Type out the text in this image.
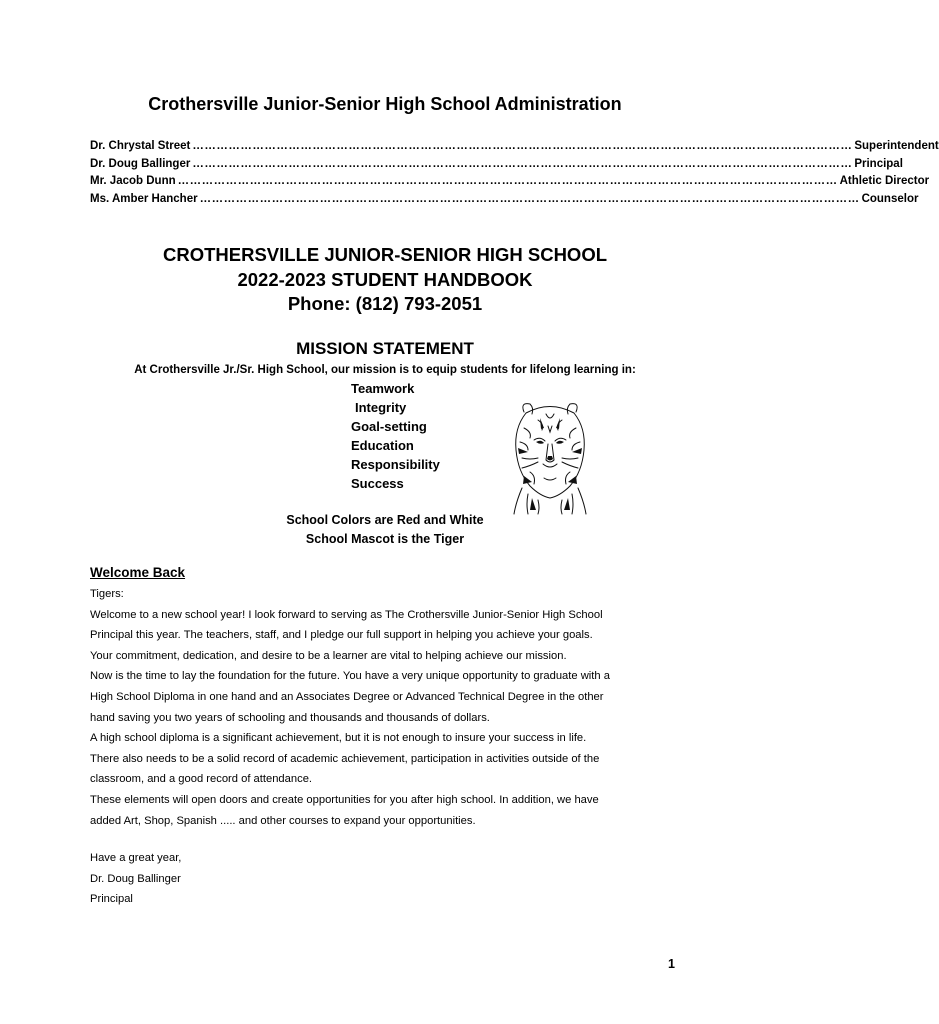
Crothersville Junior-Senior High School Administration
Dr. Chrystal Street ………………………………………………………………………………………………………………………………………………… Superintendent
Dr. Doug Ballinger ………………………………………………………………………………………………………………………………………………… Principal
Mr. Jacob Dunn ………………………………………………………………………………………………………………………………………………… Athletic Director
Ms. Amber Hancher ………………………………………………………………………………………………………………………………………………… Counselor
CROTHERSVILLE JUNIOR-SENIOR HIGH SCHOOL
2022-2023 STUDENT HANDBOOK
Phone: (812) 793-2051
MISSION STATEMENT
At Crothersville Jr./Sr. High School, our mission is to equip students for lifelong learning in:
Teamwork
Integrity
Goal-setting
Education
Responsibility
Success
School Colors are Red and White
School Mascot is the Tiger
Welcome Back

Tigers:

Welcome to a new school year! I look forward to serving as The Crothersville Junior-Senior High School

Principal this year. The teachers, staff, and I pledge our full support in helping you achieve your goals.

Your commitment, dedication, and desire to be a learner are vital to helping achieve our mission.

Now is the time to lay the foundation for the future. You have a very unique opportunity to graduate with a

High School Diploma in one hand and an Associates Degree or Advanced Technical Degree in the other

hand saving you two years of schooling and thousands and thousands of dollars.

A high school diploma is a significant achievement, but it is not enough to insure your success in life.

There also needs to be a solid record of academic achievement, participation in activities outside of the

classroom, and a good record of attendance.

These elements will open doors and create opportunities for you after high school. In addition, we have

added Art, Shop, Spanish ..... and other courses to expand your opportunities.

Have a great year,

Dr. Doug Ballinger

Principal

1
